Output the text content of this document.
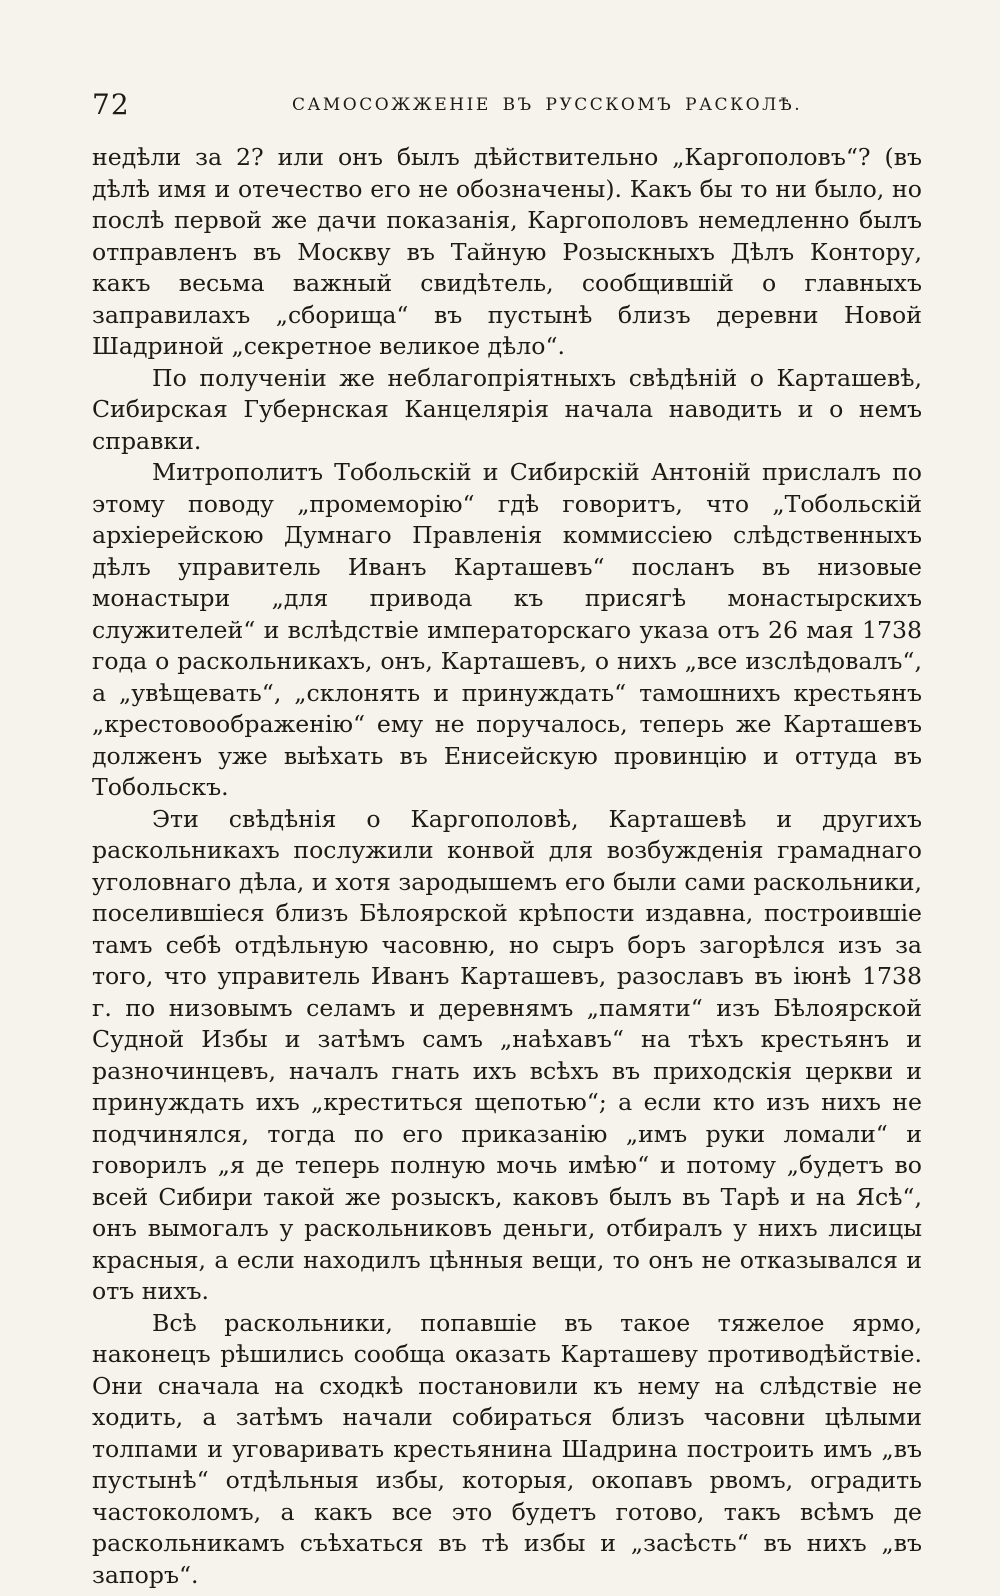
72	САМОСОЖЖЕНІЕ ВЪ РУССКОМЪ РАСКОЛѢ.

недѣли за 2? или онъ былъ дѣйствительно „Каргополовъ“? (въ дѣлѣ имя и отечество его не обозначены). Какъ бы то ни было, но послѣ первой же дачи показанія, Каргополовъ немедленно былъ отправленъ въ Москву въ Тайную Розыскныхъ Дѣлъ Контору, какъ весьма важный свидѣтель, сообщившій о главныхъ заправилахъ „сборища“ въ пустынѣ близъ деревни Новой Шадриной „секретное великое дѣло“.

По полученіи же неблагопріятныхъ свѣдѣній о Карташевѣ, Сибирская Губернская Канцелярія начала наводить и о немъ справки.

Митрополитъ Тобольскій и Сибирскій Антоній прислалъ по этому поводу „промеморію“ гдѣ говоритъ, что „Тобольскій архіерейскою Думнаго Правленія коммиссіею слѣдственныхъ дѣлъ управитель Иванъ Карташевъ“ посланъ въ низовые монастыри „для привода къ присягѣ монастырскихъ служителей“ и вслѣдствіе императорскаго указа отъ 26 мая 1738 года о раскольникахъ, онъ, Карташевъ, о нихъ „все изслѣдовалъ“, а „увѣщевать“, „склонять и принуждать“ тамошнихъ крестьянъ „крестовоображенію“ ему не поручалось, теперь же Карташевъ долженъ уже выѣхать въ Енисейскую провинцію и оттуда въ Тобольскъ.

Эти свѣдѣнія о Каргополовѣ, Карташевѣ и другихъ раскольникахъ послужили конвой для возбужденія грамаднаго уголовнаго дѣла, и хотя зародышемъ его были сами раскольники, поселившіеся близъ Бѣлоярской крѣпости издавна, построившіе тамъ себѣ отдѣльную часовню, но сыръ боръ загорѣлся изъ за того, что управитель Иванъ Карташевъ, разославъ въ іюнѣ 1738 г. по низовымъ селамъ и деревнямъ „памяти“ изъ Бѣлоярской Судной Избы и затѣмъ самъ „наѣхавъ“ на тѣхъ крестьянъ и разночинцевъ, началъ гнать ихъ всѣхъ въ приходскія церкви и принуждать ихъ „креститься щепотью“; а если кто изъ нихъ не подчинялся, тогда по его приказанію „имъ руки ломали“ и говорилъ „я де теперь полную мочь имѣю“ и потому „будетъ во всей Сибири такой же розыскъ, каковъ былъ въ Тарѣ и на Ясѣ“, онъ вымогалъ у раскольниковъ деньги, отбиралъ у нихъ лисицы красныя, а если находилъ цѣнныя вещи, то онъ не отказывался и отъ нихъ.

Всѣ раскольники, попавшіе въ такое тяжелое ярмо, наконецъ рѣшились сообща оказать Карташеву противодѣйствіе. Они сначала на сходкѣ постановили къ нему на слѣдствіе не ходить, а затѣмъ начали собираться близъ часовни цѣлыми толпами и уговаривать крестьянина Шадрина построить имъ „въ пустынѣ“ отдѣльныя избы, которыя, окопавъ рвомъ, оградить частоколомъ, а какъ все это будетъ готово, такъ всѣмъ де раскольникамъ съѣхаться въ тѣ избы и „засѣсть“ въ нихъ „въ запоръ“.
